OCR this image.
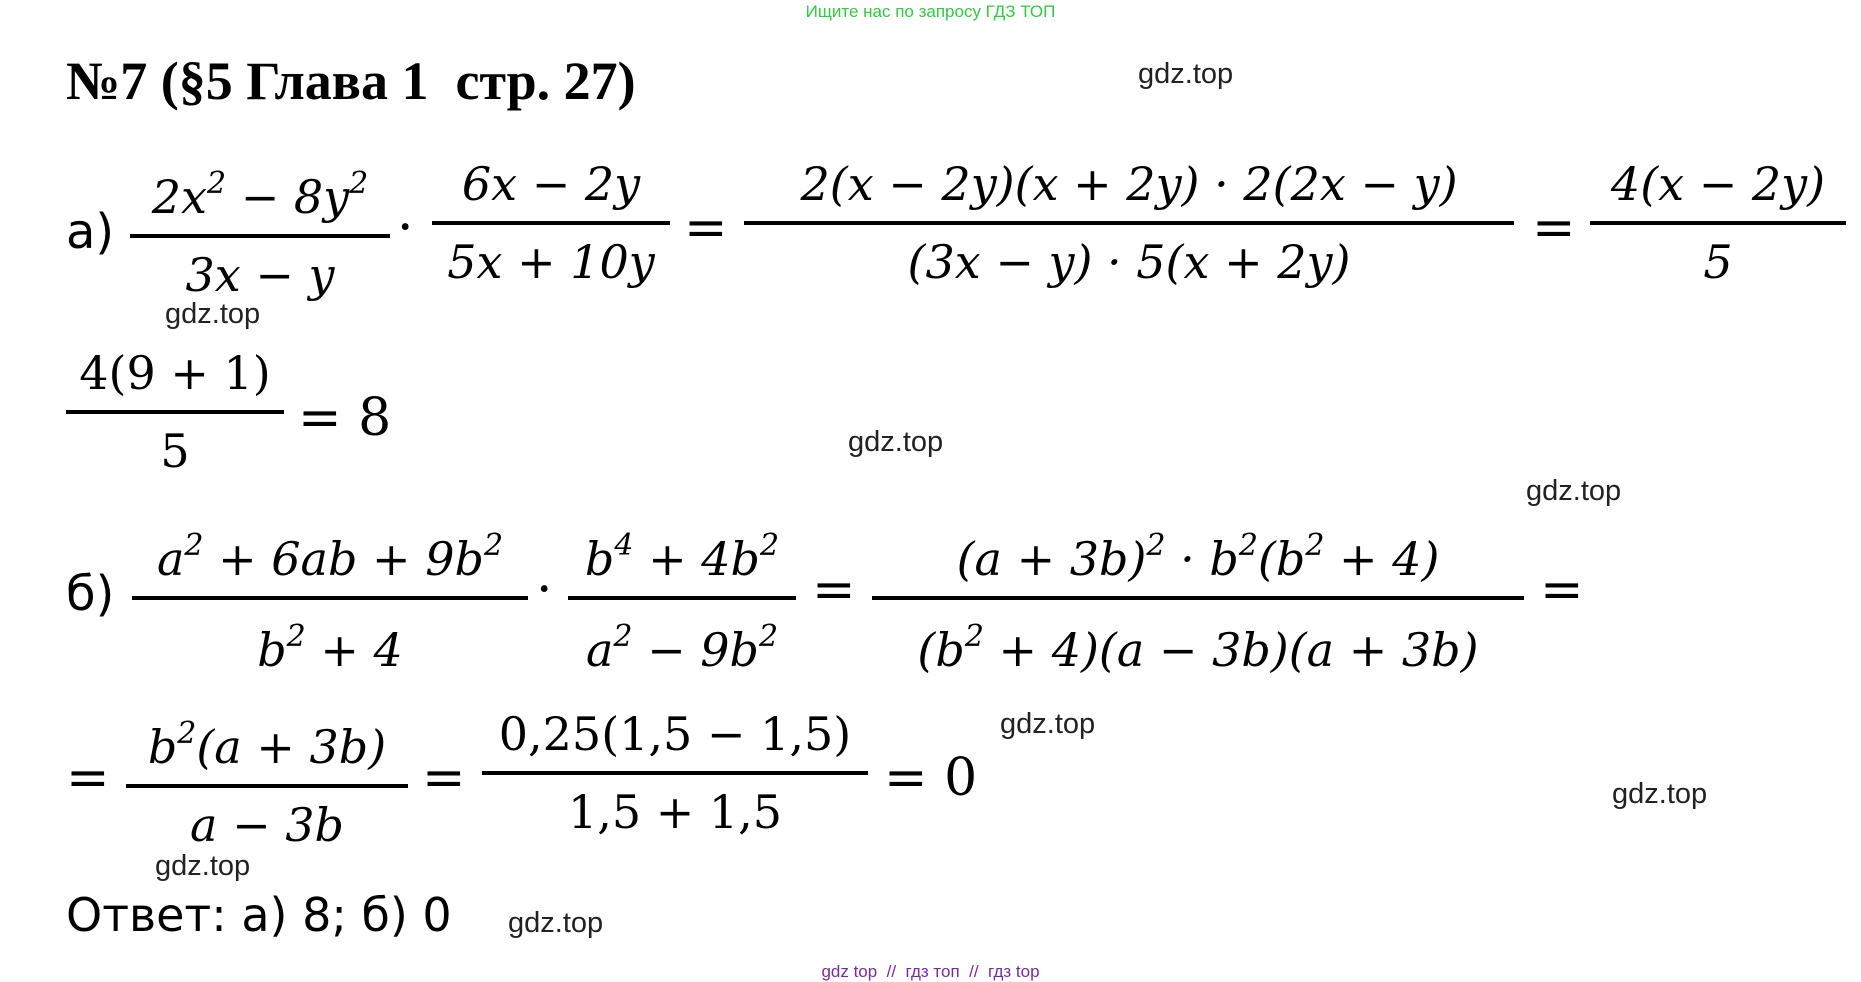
Ищите нас по запросу ГДЗ ТОП
№7 (§5 Глава 1  стр. 27)	gdz.top
gdz.top
gdz.top
gdz.top
gdz.top
gdz.top
gdz.top
gdz.top
а)
$2x^2 - 8y^2$
3x − y
·
6x − 2y
5x + 10y
=
2(x − 2y)(x + 2y) · 2(2x − y)
(3x − y) · 5(x + 2y)
=
4(x − 2y)
5
4(9 + 1)
5
= 8
б)
$a^2 + 6ab + 9b^2$
$b^2 + 4$
·
$b^4 + 4b^2$
$a^2 - 9b^2$
=
$(a + 3b)^2 \cdot b^2(b^2 + 4)$
$(b^2 + 4)(a - 3b)(a + 3b)$
=
=
$b^2(a + 3b)$
a − 3b
=
0,25(1,5 − 1,5)
1,5 + 1,5
= 0
Ответ: а) 8; б) 0
gdz top  //  гдз топ  //  гдз top
